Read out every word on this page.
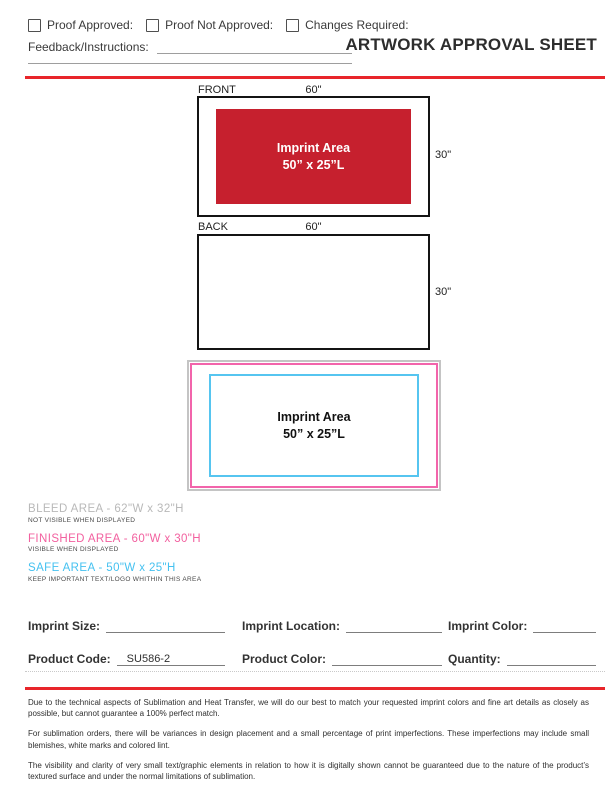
Proof Approved:	Proof Not Approved:	Changes Required:
Feedback/Instructions:	ARTWORK APPROVAL SHEET
FRONT	60"
Imprint Area
50” x 25”L
30"
BACK	60"
30"
Imprint Area
50” x 25”L
BLEED AREA - 62"W x 32"H
NOT VISIBLE WHEN DISPLAYED
FINISHED AREA - 60"W x 30"H
VISIBLE WHEN DISPLAYED
SAFE AREA - 50"W x 25"H
KEEP IMPORTANT TEXT/LOGO WHITHIN THIS AREA
Imprint Size:	Imprint Location:	Imprint Color:
Product Code:	SU586-2	Product Color:	Quantity:

Due to the technical aspects of Sublimation and Heat Transfer, we will do our best to match your requested imprint colors and fine art details as closely as possible, but cannot guarantee a 100% perfect match.

For sublimation orders, there will be variances in design placement and a small percentage of print imperfections. These imperfections may include small blemishes, white marks and colored lint.

The visibility and clarity of very small text/graphic elements in relation to how it is digitally shown cannot be guaranteed due to the nature of the product’s textured surface and under the normal limitations of sublimation.
